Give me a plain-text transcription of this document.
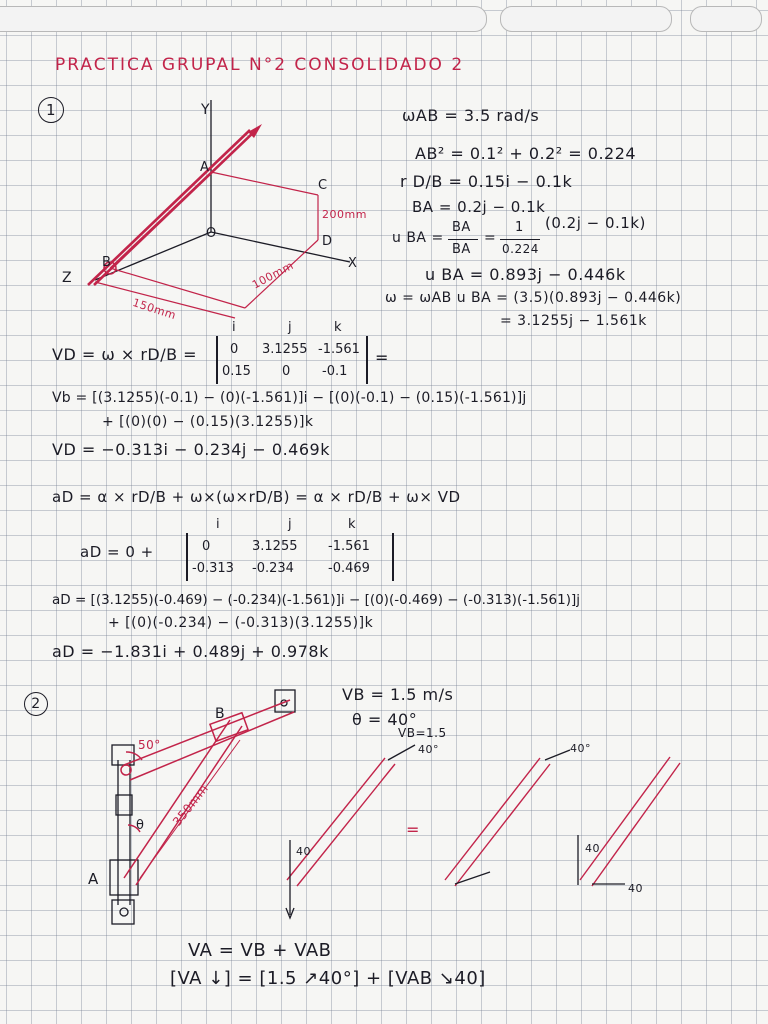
PRACTICA GRUPAL N°2 CONSOLIDADO 2
1	Y
A
C
O
D
B	X
Z
200mm
100mm
150mm
ωAB = 3.5 rad/s
AB² = 0.1² + 0.2² = 0.224
r D/B = 0.15i − 0.1k
BA = 0.2j − 0.1k
u BA =
BA
BA
=
1
0.224
(0.2j − 0.1k)
u BA = 0.893j − 0.446k
ω = ωAB u BA = (3.5)(0.893j − 0.446k)
= 3.1255j − 1.561k
VD = ω × rD/B =
i	j	k
0 3.1255 -1.561
0.15 0 -0.1
=
Vb = [(3.1255)(-0.1) − (0)(-1.561)]i − [(0)(-0.1) − (0.15)(-1.561)]j
+ [(0)(0) − (0.15)(3.1255)]k
VD = −0.313i − 0.234j − 0.469k
aD = α × rD/B + ω×(ω×rD/B) = α × rD/B + ω× VD
i	j	k
aD = 0 +	0	3.1255 -1.561
-0.313 -0.234	-0.469
aD = [(3.1255)(-0.469) − (-0.234)(-1.561)]i − [(0)(-0.469) − (-0.313)(-1.561)]j
+ [(0)(-0.234) − (-0.313)(3.1255)]k
aD = −1.831i + 0.489j + 0.978k
2	VB = 1.5 m/s
θ = 40°
B
A
θ
50°
350mm
VB=1.5
40°
40
40°
40
40
=
VA = VB + VAB
[VA ↓] = [1.5 ↗40°] + [VAB ↘40]
